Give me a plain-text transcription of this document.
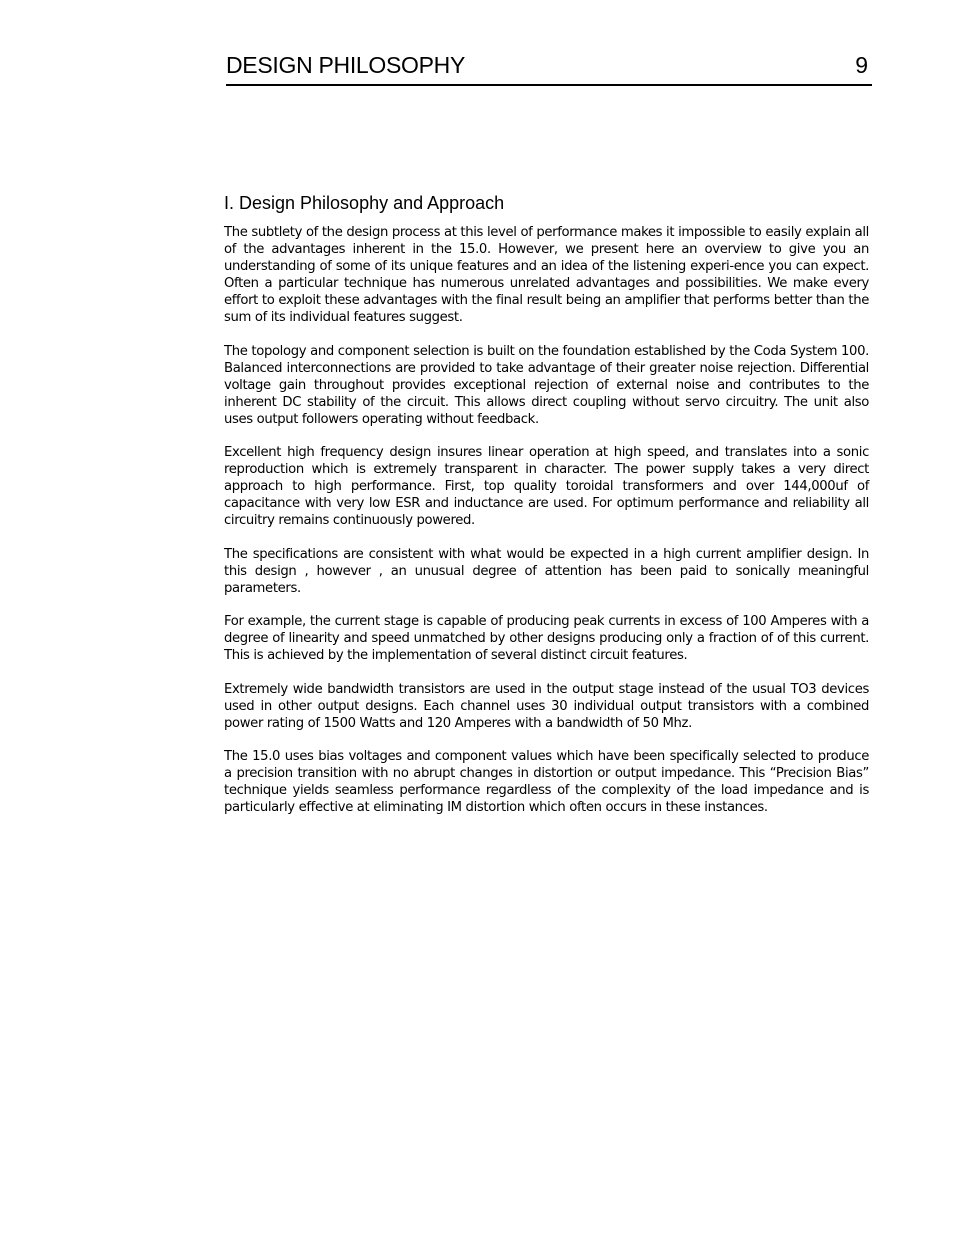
DESIGN PHILOSOPHY	9
I. Design Philosophy and Approach

The subtlety of the design process at this level of performance makes it impossible to easily explain all of the advantages inherent in the 15.0. However, we present here an overview to give you an understanding of some of its unique features and an idea of the listening experi-ence you can expect. Often a particular technique has numerous unrelated advantages and possibilities. We make every effort to exploit these advantages with the final result being an amplifier that performs better than the sum of its individual features suggest.

The topology and component selection is built on the foundation established by the Coda System 100. Balanced interconnections are provided to take advantage of their greater noise rejection. Differential voltage gain throughout provides exceptional rejection of external noise and contributes to the inherent DC stability of the circuit. This allows direct coupling without servo circuitry. The unit also uses output followers operating without feedback.

Excellent high frequency design insures linear operation at high speed, and translates into a sonic reproduction which is extremely transparent in character. The power supply takes a very direct approach to high performance. First, top quality toroidal transformers and over 144,000uf of capacitance with very low ESR and inductance are used. For optimum performance and reliability all circuitry remains continuously powered.

The specifications are consistent with what would be expected in a high current amplifier design. In this design , however , an unusual degree of attention has been paid to sonically meaningful parameters.

For example, the current stage is capable of producing peak currents in excess of 100 Amperes with a degree of linearity and speed unmatched by other designs producing only a fraction of of this current. This is achieved by the implementation of several distinct circuit features.

Extremely wide bandwidth transistors are used in the output stage instead of the usual TO3 devices used in other output designs. Each channel uses 30 individual output transistors with a combined power rating of 1500 Watts and 120 Amperes with a bandwidth of 50 Mhz.

The 15.0 uses bias voltages and component values which have been specifically selected to produce a precision transition with no abrupt changes in distortion or output impedance. This “Precision Bias” technique yields seamless performance regardless of the complexity of the load impedance and is particularly effective at eliminating IM distortion which often occurs in these instances.
